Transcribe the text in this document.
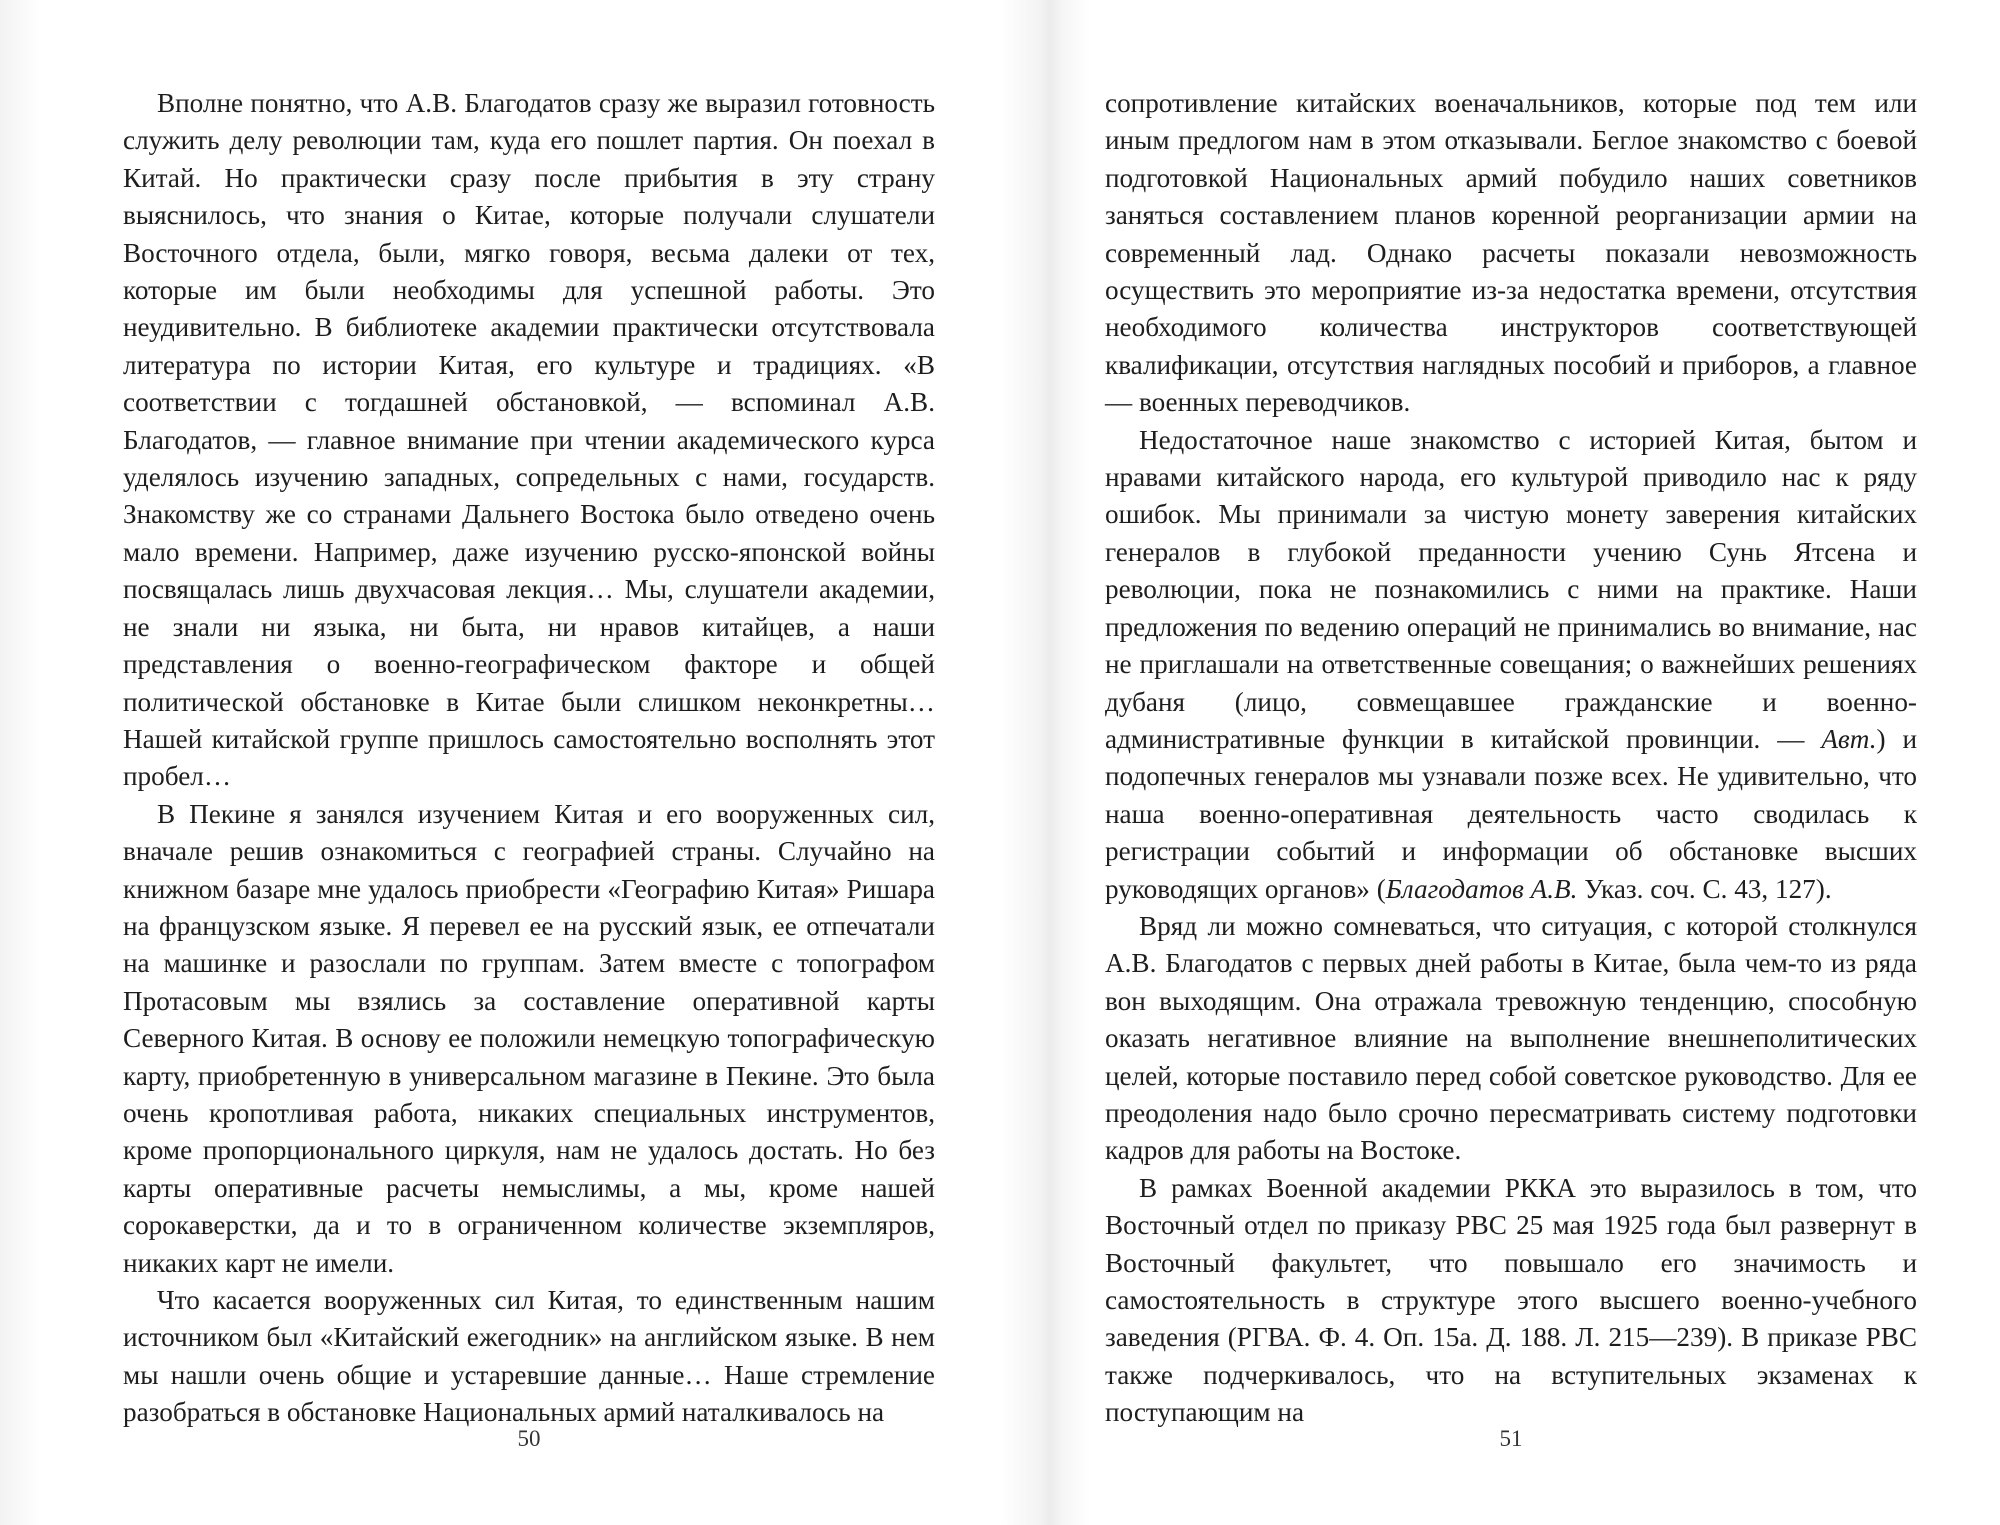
Вполне понятно, что А.В. Благодатов сразу же выразил готовность служить делу революции там, куда его пошлет партия. Он поехал в Китай. Но практически сразу после прибытия в эту страну выяснилось, что знания о Китае, которые получали слушатели Восточного отдела, были, мягко говоря, весьма далеки от тех, которые им были необходимы для успешной работы. Это неудивительно. В библиотеке академии практически отсутствовала литература по истории Китая, его культуре и традициях. «В соответствии с тогдашней обстановкой, — вспоминал А.В. Благодатов, — главное внимание при чтении академического курса уделялось изучению западных, сопредельных с нами, государств. Знакомству же со странами Дальнего Востока было отведено очень мало времени. Например, даже изучению русско-японской войны посвящалась лишь двухчасовая лекция… Мы, слушатели академии, не знали ни языка, ни быта, ни нравов китайцев, а наши представления о военно-географическом факторе и общей политической обстановке в Китае были слишком неконкретны… Нашей китайской группе пришлось самостоятельно восполнять этот пробел…

В Пекине я занялся изучением Китая и его вооруженных сил, вначале решив ознакомиться с географией страны. Случайно на книжном базаре мне удалось приобрести «Географию Китая» Ришара на французском языке. Я перевел ее на русский язык, ее отпечатали на машинке и разослали по группам. Затем вместе с топографом Протасовым мы взялись за составление оперативной карты Северного Китая. В основу ее положили немецкую топографическую карту, приобретенную в универсальном магазине в Пекине. Это была очень кропотливая работа, никаких специальных инструментов, кроме пропорционального циркуля, нам не удалось достать. Но без карты оперативные расчеты немыслимы, а мы, кроме нашей сорокаверстки, да и то в ограниченном количестве экземпляров, никаких карт не имели.

Что касается вооруженных сил Китая, то единственным нашим источником был «Китайский ежегодник» на английском языке. В нем мы нашли очень общие и устаревшие данные… Наше стремление разобраться в обстановке Национальных армий наталкивалось на

50

сопротивление китайских военачальников, которые под тем или иным предлогом нам в этом отказывали. Беглое знакомство с боевой подготовкой Национальных армий побудило наших советников заняться составлением планов коренной реорганизации армии на современный лад. Однако расчеты показали невозможность осуществить это мероприятие из-за недостатка времени, отсутствия необходимого количества инструкторов соответствующей квалификации, отсутствия наглядных пособий и приборов, а главное — военных переводчиков.

Недостаточное наше знакомство с историей Китая, бытом и нравами китайского народа, его культурой приводило нас к ряду ошибок. Мы принимали за чистую монету заверения китайских генералов в глубокой преданности учению Сунь Ятсена и революции, пока не познакомились с ними на практике. Наши предложения по ведению операций не принимались во внимание, нас не приглашали на ответственные совещания; о важнейших решениях дубаня (лицо, совмещавшее гражданские и военно-административные функции в китайской провинции. — Авт.) и подопечных генералов мы узнавали позже всех. Не удивительно, что наша военно-оперативная деятельность часто сводилась к регистрации событий и информации об обстановке высших руководящих органов» (Благодатов А.В. Указ. соч. С. 43, 127).

Вряд ли можно сомневаться, что ситуация, с которой столкнулся А.В. Благодатов с первых дней работы в Китае, была чем-то из ряда вон выходящим. Она отражала тревожную тенденцию, способную оказать негативное влияние на выполнение внешнеполитических целей, которые поставило перед собой советское руководство. Для ее преодоления надо было срочно пересматривать систему подготовки кадров для работы на Востоке.

В рамках Военной академии РККА это выразилось в том, что Восточный отдел по приказу РВС 25 мая 1925 года был развернут в Восточный факультет, что повышало его значимость и самостоятельность в структуре этого высшего военно-учебного заведения (РГВА. Ф. 4. Оп. 15а. Д. 188. Л. 215—239). В приказе РВС также подчеркивалось, что на вступительных экзаменах к поступающим на

51
